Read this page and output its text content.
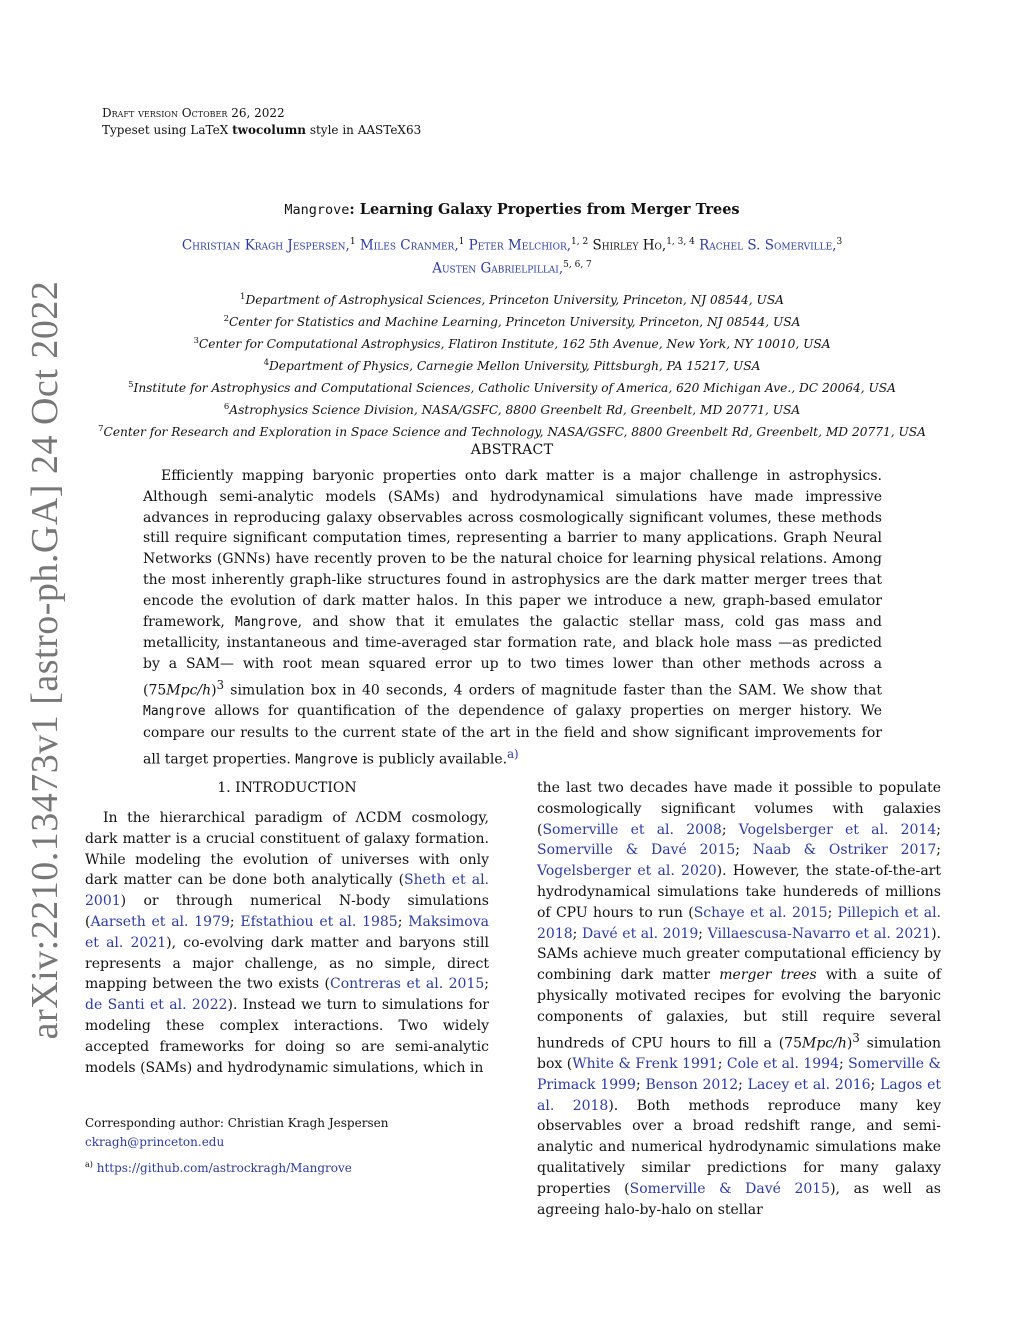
arXiv:2210.13473v1 [astro-ph.GA] 24 Oct 2022
Draft version October 26, 2022
Typeset using LaTeX twocolumn style in AASTeX63
Mangrove: Learning Galaxy Properties from Merger Trees
Christian Kragh Jespersen,$^1$ Miles Cranmer,$^1$ Peter Melchior,$^{1, 2}$ Shirley Ho,$^{1, 3, 4}$ Rachel S. Somerville,$^3$
Austen Gabrielpillai,$^{5, 6, 7}$
$^1$Department of Astrophysical Sciences, Princeton University, Princeton, NJ 08544, USA
$^2$Center for Statistics and Machine Learning, Princeton University, Princeton, NJ 08544, USA
$^3$Center for Computational Astrophysics, Flatiron Institute, 162 5th Avenue, New York, NY 10010, USA
$^4$Department of Physics, Carnegie Mellon University, Pittsburgh, PA 15217, USA
$^5$Institute for Astrophysics and Computational Sciences, Catholic University of America, 620 Michigan Ave., DC 20064, USA
$^6$Astrophysics Science Division, NASA/GSFC, 8800 Greenbelt Rd, Greenbelt, MD 20771, USA
$^7$Center for Research and Exploration in Space Science and Technology, NASA/GSFC, 8800 Greenbelt Rd, Greenbelt, MD 20771, USA
ABSTRACT
Efficiently mapping baryonic properties onto dark matter is a major challenge in astrophysics. Although semi-analytic models (SAMs) and hydrodynamical simulations have made impressive advances in reproducing galaxy observables across cosmologically significant volumes, these methods still require significant computation times, representing a barrier to many applications. Graph Neural Networks (GNNs) have recently proven to be the natural choice for learning physical relations. Among the most inherently graph-like structures found in astrophysics are the dark matter merger trees that encode the evolution of dark matter halos. In this paper we introduce a new, graph-based emulator framework, Mangrove, and show that it emulates the galactic stellar mass, cold gas mass and metallicity, instantaneous and time-averaged star formation rate, and black hole mass —as predicted by a SAM— with root mean squared error up to two times lower than other methods across a $(75Mpc/h)^3$ simulation box in 40 seconds, 4 orders of magnitude faster than the SAM. We show that Mangrove allows for quantification of the dependence of galaxy properties on merger history. We compare our results to the current state of the art in the field and show significant improvements for all target properties. Mangrove is publicly available.$^{a)}$
1. INTRODUCTION
In the hierarchical paradigm of ΛCDM cosmology, dark matter is a crucial constituent of galaxy formation. While modeling the evolution of universes with only dark matter can be done both analytically (Sheth et al. 2001) or through numerical N-body simulations (Aarseth et al. 1979; Efstathiou et al. 1985; Maksimova et al. 2021), co-evolving dark matter and baryons still represents a major challenge, as no simple, direct mapping between the two exists (Contreras et al. 2015; de Santi et al. 2022). Instead we turn to simulations for modeling these complex interactions. Two widely accepted frameworks for doing so are semi-analytic models (SAMs) and hydrodynamic simulations, which in
the last two decades have made it possible to populate cosmologically significant volumes with galaxies (Somerville et al. 2008; Vogelsberger et al. 2014; Somerville & Davé 2015; Naab & Ostriker 2017; Vogelsberger et al. 2020). However, the state-of-the-art hydrodynamical simulations take hundereds of millions of CPU hours to run (Schaye et al. 2015; Pillepich et al. 2018; Davé et al. 2019; Villaescusa-Navarro et al. 2021). SAMs achieve much greater computational efficiency by combining dark matter merger trees with a suite of physically motivated recipes for evolving the baryonic components of galaxies, but still require several hundreds of CPU hours to fill a $(75Mpc/h)^3$ simulation box (White & Frenk 1991; Cole et al. 1994; Somerville & Primack 1999; Benson 2012; Lacey et al. 2016; Lagos et al. 2018). Both methods reproduce many key observables over a broad redshift range, and semi-analytic and numerical hydrodynamic simulations make qualitatively similar predictions for many galaxy properties (Somerville & Davé 2015), as well as agreeing halo-by-halo on stellar
Corresponding author: Christian Kragh Jespersen
ckragh@princeton.edu
$^{a)}$ https://github.com/astrockragh/Mangrove
